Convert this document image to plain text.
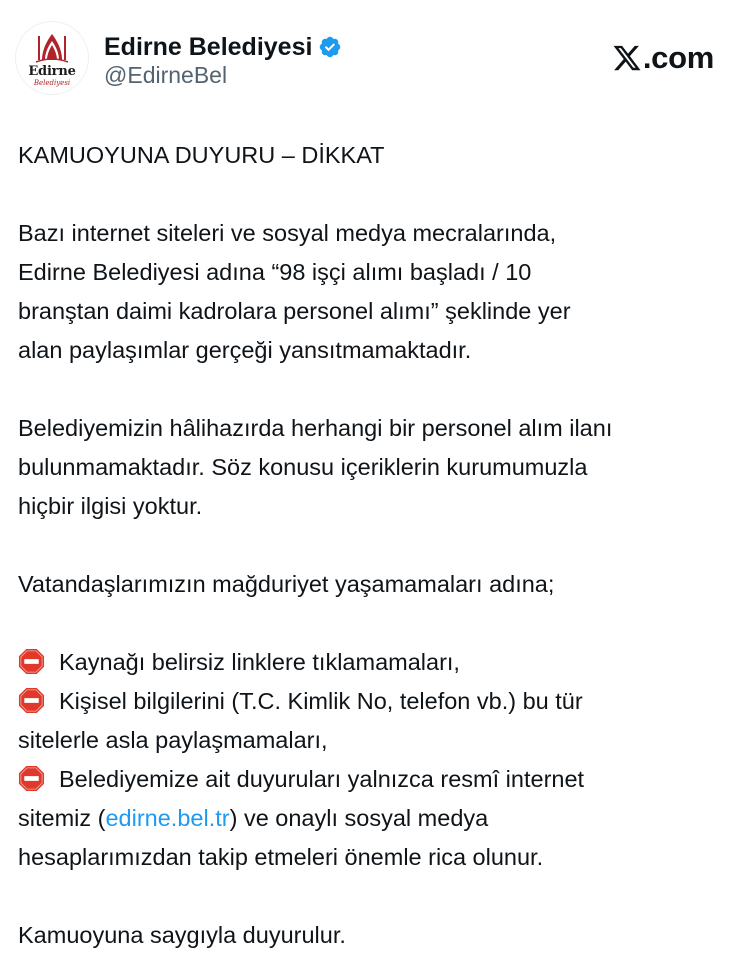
Edirne
Belediyesi
Edirne Belediyesi
@EdirneBel	.com

KAMUOYUNA DUYURU – DİKKAT

Bazı internet siteleri ve sosyal medya mecralarında,
Edirne Belediyesi adına “98 işçi alımı başladı / 10
branştan daimi kadrolara personel alımı” şeklinde yer
alan paylaşımlar gerçeği yansıtmamaktadır.

Belediyemizin hâlihazırda herhangi bir personel alım ilanı
bulunmamaktadır. Söz konusu içeriklerin kurumumuzla
hiçbir ilgisi yoktur.

Vatandaşlarımızın mağduriyet yaşamamaları adına;

Kaynağı belirsiz linklere tıklamamaları,
Kişisel bilgilerini (T.C. Kimlik No, telefon vb.) bu tür
sitelerle asla paylaşmamaları,
Belediyemize ait duyuruları yalnızca resmî internet
sitemiz (edirne.bel.tr) ve onaylı sosyal medya
hesaplarımızdan takip etmeleri önemle rica olunur.

Kamuoyuna saygıyla duyurulur.
